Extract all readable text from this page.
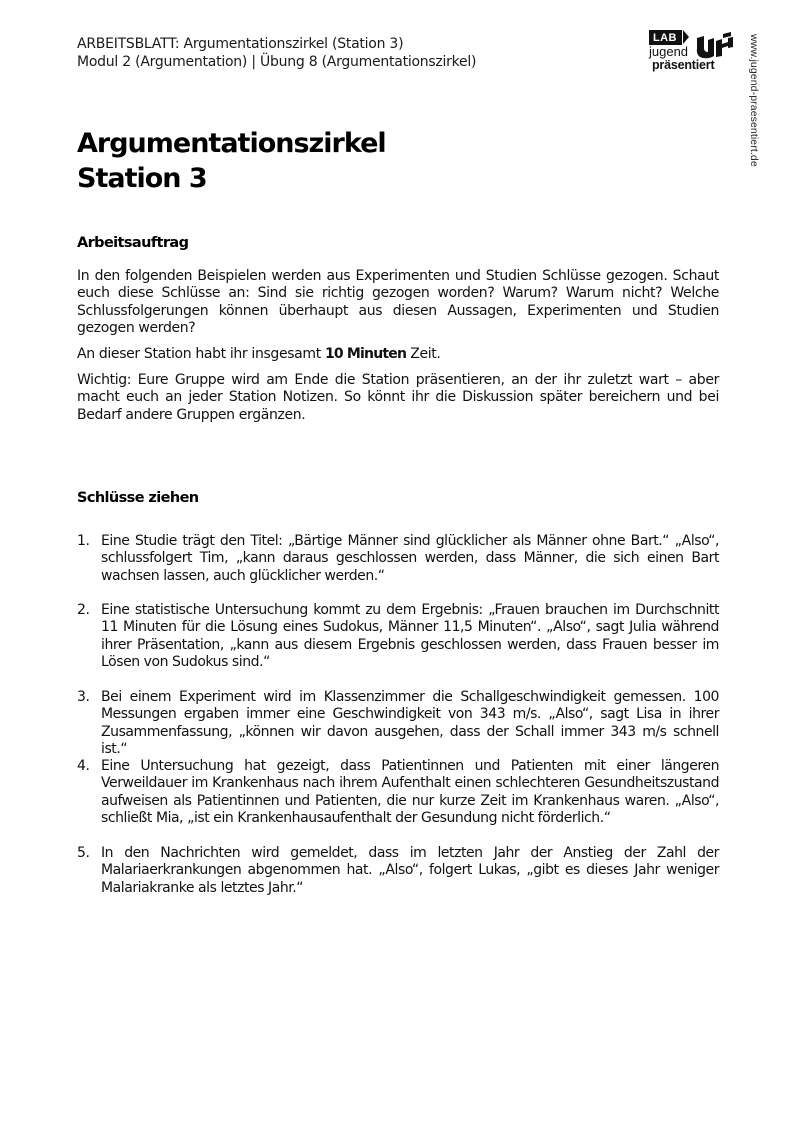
ARBEITSBLATT: Argumentationszirkel (Station 3)
Modul 2 (Argumentation) | Übung 8 (Argumentationszirkel)
LAB
jugend
präsentiert	www.jugend-praesentiert.de
Argumentationszirkel
Station 3
Arbeitsauftrag
In den folgenden Beispielen werden aus Experimenten und Studien Schlüsse gezogen. Schaut euch diese Schlüsse an: Sind sie richtig gezogen worden? Warum? Warum nicht? Welche Schlussfolgerungen können überhaupt aus diesen Aussagen, Experimenten und Studien gezogen werden?
An dieser Station habt ihr insgesamt 10 Minuten Zeit.
Wichtig: Eure Gruppe wird am Ende die Station präsentieren, an der ihr zuletzt wart – aber macht euch an jeder Station Notizen. So könnt ihr die Diskussion später bereichern und bei Bedarf andere Gruppen ergänzen.
Schlüsse ziehen
1. Eine Studie trägt den Titel: „Bärtige Männer sind glücklicher als Männer ohne Bart.“ „Also“, schlussfolgert Tim, „kann daraus geschlossen werden, dass Männer, die sich einen Bart wachsen lassen, auch glücklicher werden.“
2. Eine statistische Untersuchung kommt zu dem Ergebnis: „Frauen brauchen im Durchschnitt 11 Minuten für die Lösung eines Sudokus, Männer 11,5 Minuten“. „Also“, sagt Julia während ihrer Präsentation, „kann aus diesem Ergebnis geschlossen werden, dass Frauen besser im Lösen von Sudokus sind.“
3. Bei einem Experiment wird im Klassenzimmer die Schallgeschwindigkeit gemessen. 100 Messungen ergaben immer eine Geschwindigkeit von 343 m/s. „Also“, sagt Lisa in ihrer Zusammenfassung, „können wir davon ausgehen, dass der Schall immer 343 m/s schnell ist.“
4. Eine Untersuchung hat gezeigt, dass Patientinnen und Patienten mit einer längeren Verweildauer im Krankenhaus nach ihrem Aufenthalt einen schlechteren Gesundheitszustand aufweisen als Patientinnen und Patienten, die nur kurze Zeit im Krankenhaus waren. „Also“, schließt Mia, „ist ein Krankenhausaufenthalt der Gesundung nicht förderlich.“
5. In den Nachrichten wird gemeldet, dass im letzten Jahr der Anstieg der Zahl der Malariaerkrankungen abgenommen hat. „Also“, folgert Lukas, „gibt es dieses Jahr weniger Malariakranke als letztes Jahr.“
